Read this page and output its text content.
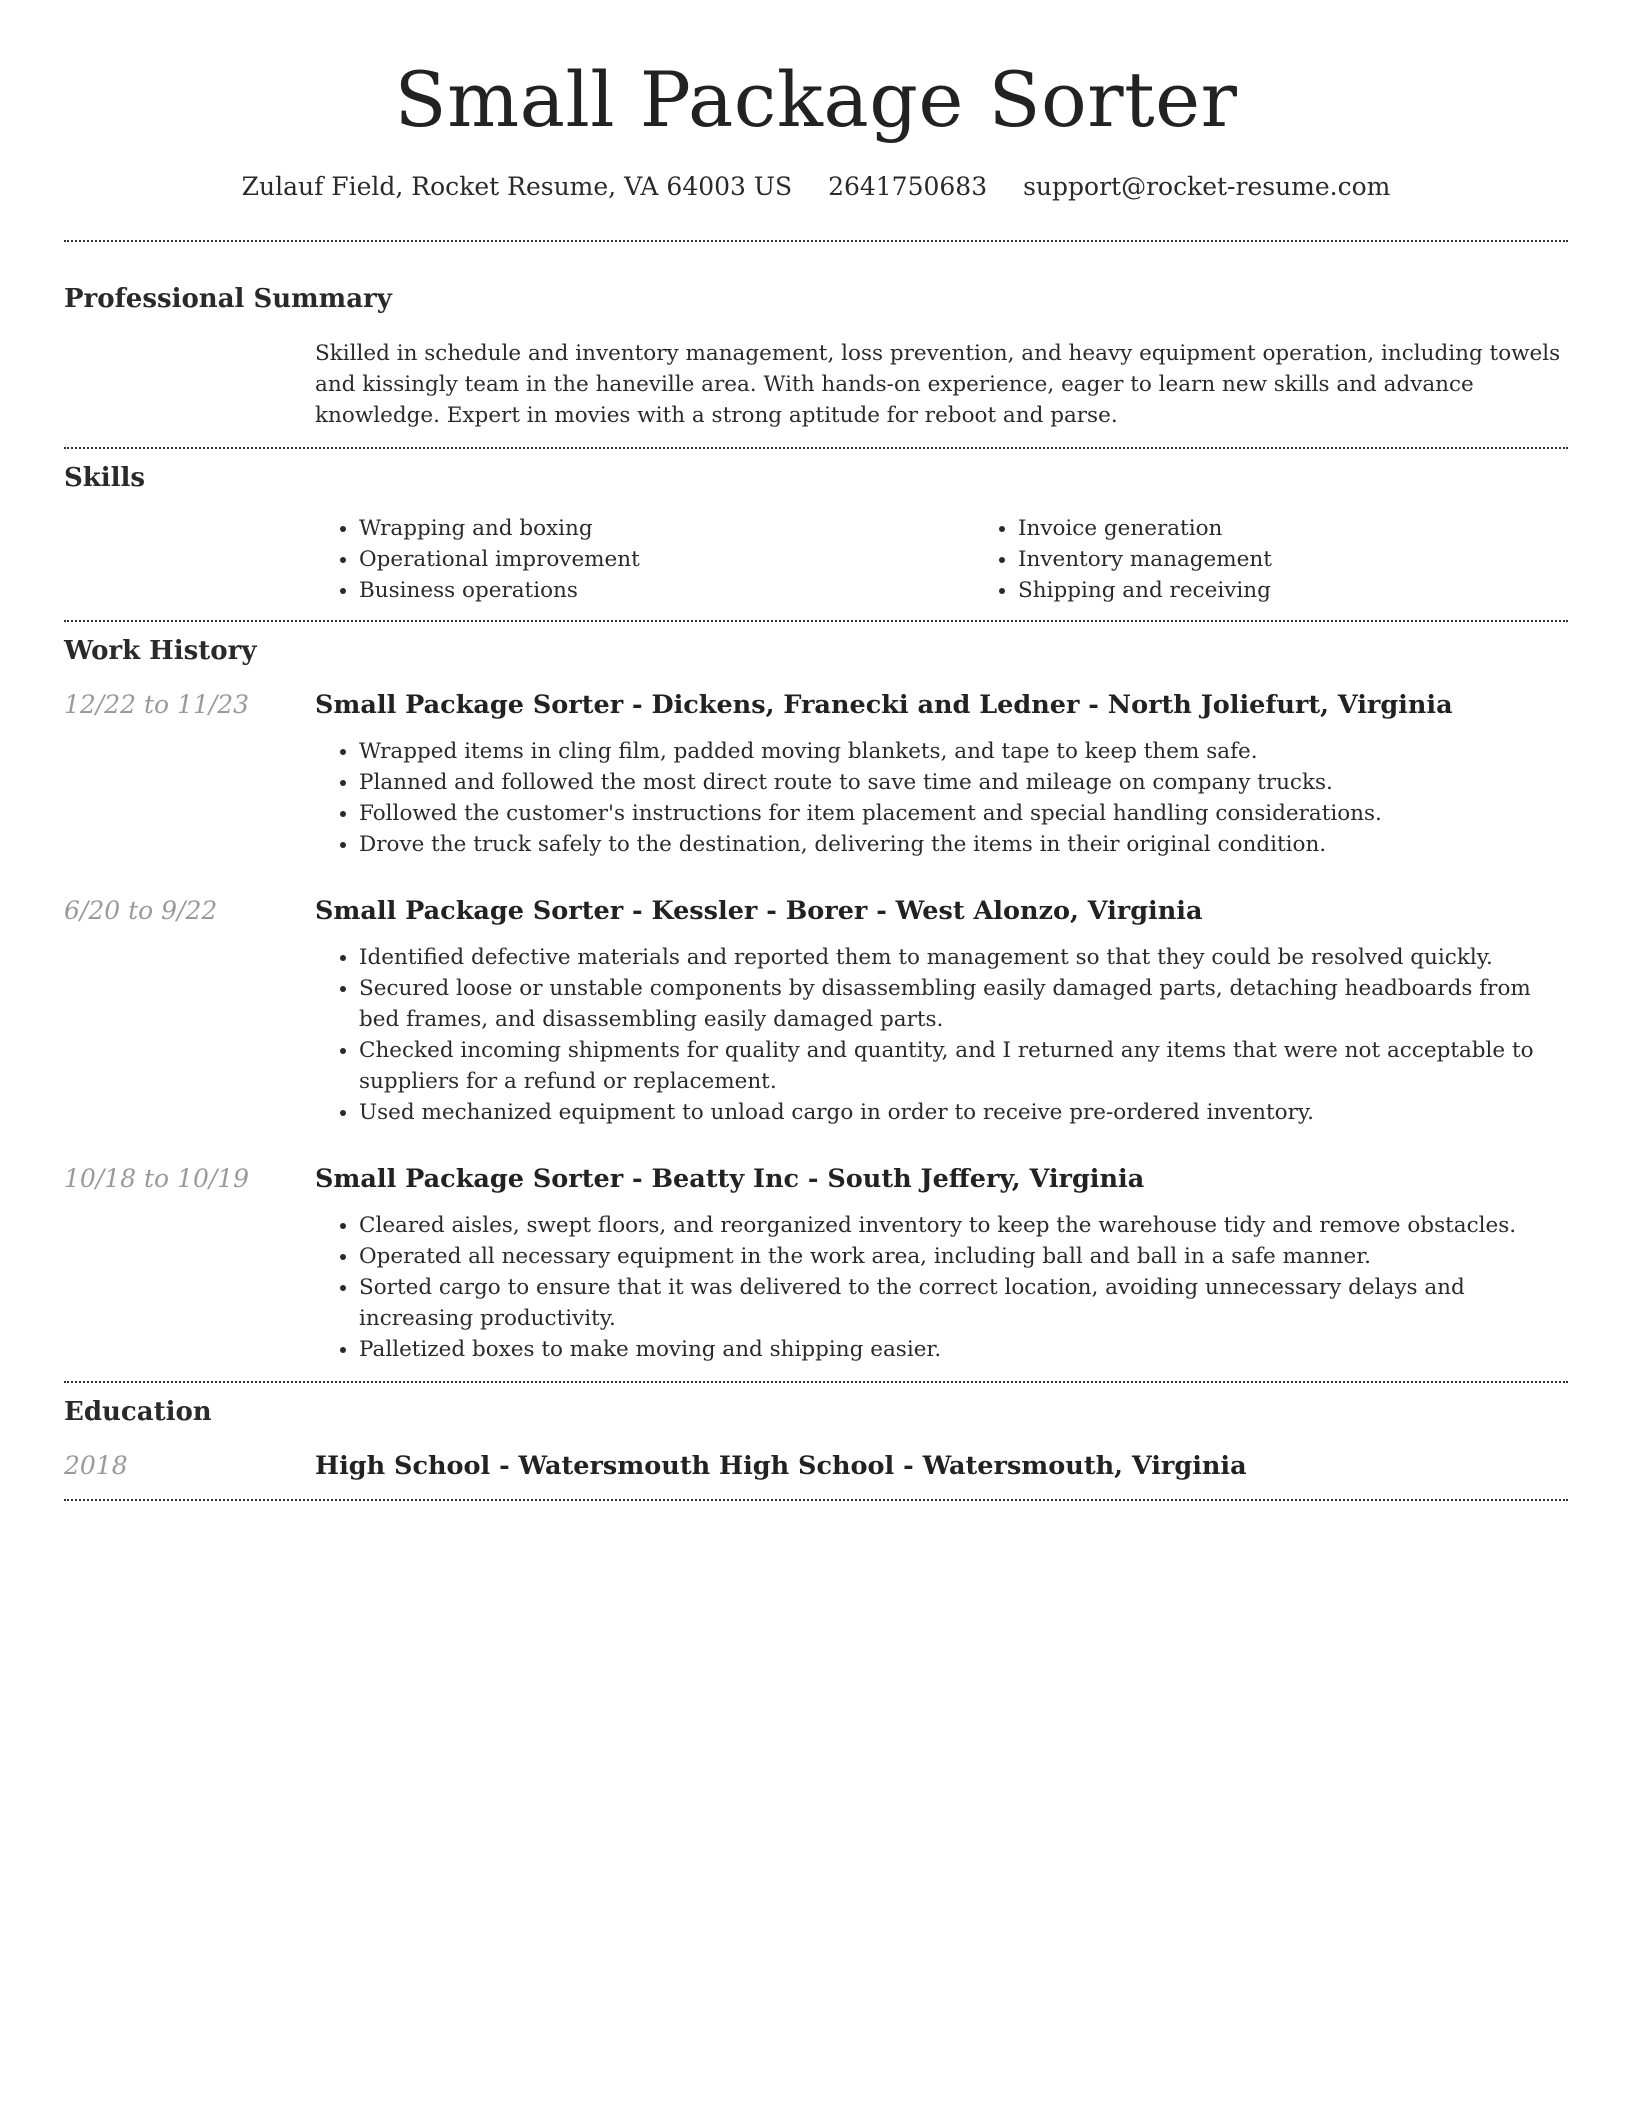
Small Package Sorter
Zulauf Field, Rocket Resume, VA 64003 US 2641750683 support@rocket-resume.com
Professional Summary
Skilled in schedule and inventory management, loss prevention, and heavy equipment operation, including towels and kissingly team in the haneville area. With hands-on experience, eager to learn new skills and advance knowledge. Expert in movies with a strong aptitude for reboot and parse.
Skills
• Wrapping and boxing
• Operational improvement
• Business operations
• Invoice generation
• Inventory management
• Shipping and receiving
Work History
12/22 to 11/23	Small Package Sorter - Dickens, Franecki and Ledner - North Joliefurt, Virginia
• Wrapped items in cling film, padded moving blankets, and tape to keep them safe.
• Planned and followed the most direct route to save time and mileage on company trucks.
• Followed the customer's instructions for item placement and special handling considerations.
• Drove the truck safely to the destination, delivering the items in their original condition.
6/20 to 9/22	Small Package Sorter - Kessler - Borer - West Alonzo, Virginia
• Identified defective materials and reported them to management so that they could be resolved quickly.
• Secured loose or unstable components by disassembling easily damaged parts, detaching headboards from bed frames, and disassembling easily damaged parts.
• Checked incoming shipments for quality and quantity, and I returned any items that were not acceptable to suppliers for a refund or replacement.
• Used mechanized equipment to unload cargo in order to receive pre-ordered inventory.
10/18 to 10/19	Small Package Sorter - Beatty Inc - South Jeffery, Virginia
• Cleared aisles, swept floors, and reorganized inventory to keep the warehouse tidy and remove obstacles.
• Operated all necessary equipment in the work area, including ball and ball in a safe manner.
• Sorted cargo to ensure that it was delivered to the correct location, avoiding unnecessary delays and increasing productivity.
• Palletized boxes to make moving and shipping easier.
Education
2018	High School - Watersmouth High School - Watersmouth, Virginia
